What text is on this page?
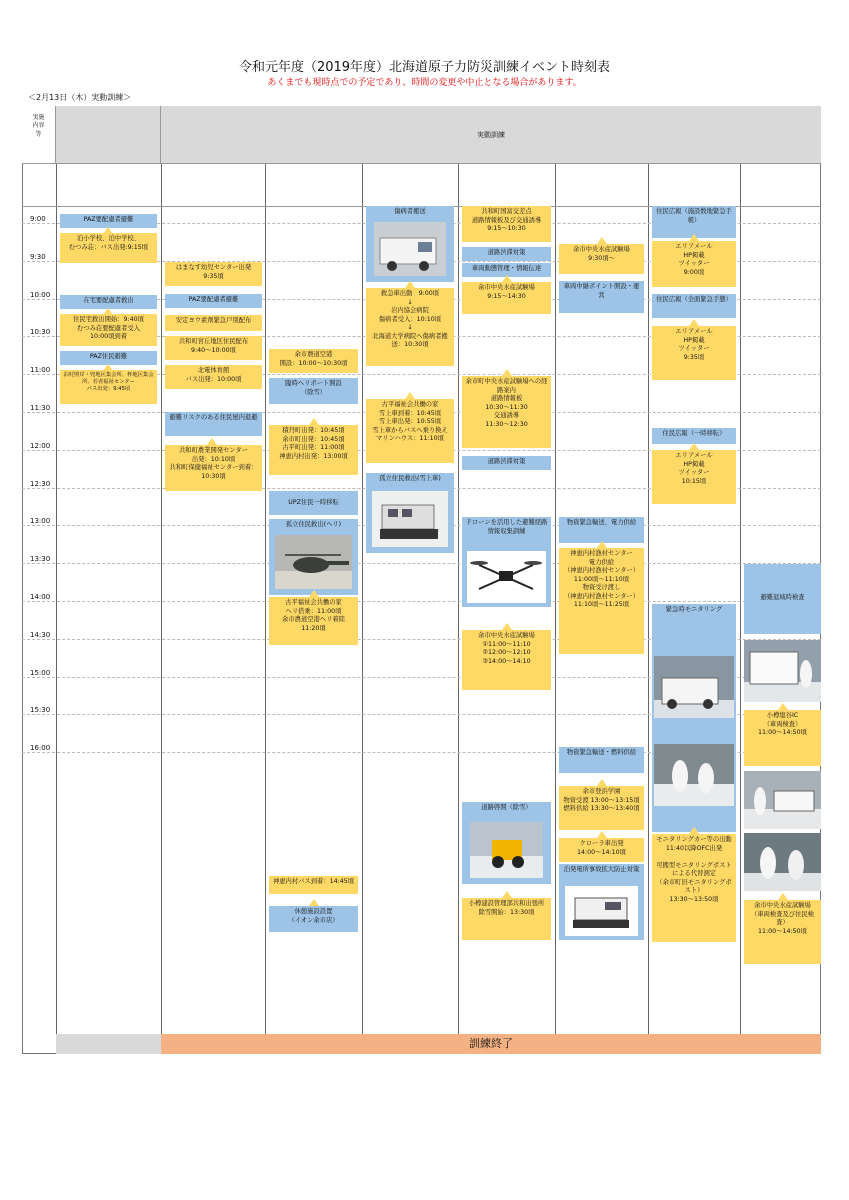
令和元年度（2019年度）北海道原子力防災訓練イベント時刻表
あくまでも現時点での予定であり、時間の変更や中止となる場合があります。
＜2月13日（木）実動訓練＞
実施
内容
等	実動訓練
9:00
9:30
10:00
10:30
11:00
11:30
12:00
12:30
13:00
13:30
14:00
14:30
15:00
15:30
16:00
訓練終了
PAZ要配慮者避難
泊小学校、泊中学校、
むつみ荘：バス出発:9:15頃
在宅要配慮者救出
住民宅救出開始：9:40頃
むつみ荘要配慮者受入
10:00頃到着
PAZ住民避難
泊村照岸・兜地区集会所、杯地区集会所、若者福祉センター
バス出発：9:45頃
はまなす幼児センター出発
9:35頃
PAZ要配慮者避難
安定ヨウ素剤緊急戸別配布
共和町宮丘地区住民配布
9:40～10:00頃
北電体育館
バス出発：10:00頃
避難リスクのある住民屋内退避
共和町農業開発センター
出発：10:10頃
共和町保健福祉センター到着：10:30頃
余市農道空港
開設：10:00～10:30頃
臨時ヘリポート開設
（除雪）
積丹町出発：10:45頃
余市町出発：10:45頃
古平町出発：11:00頃
神恵内村出発：13:00頃
UPZ住民一時移転
孤立住民救出(ヘリ)
古平福祉会共働の家
ヘリ搭乗：11:00頃
余市農道空港ヘリ着陸
11:20頃
神恵内村バス到着：14:45頃
休憩施設設置
（イオン余市店）
傷病者搬送
救急車出動　9:00頃
↓
岩内協会病院
傷病者受入：10:10頃
↓
北海道大学病院へ傷病者搬送：10:30頃
古平福祉会共働の家
雪上車到着：10:45頃
雪上車出発：10:55頃
雪上車からバスへ乗り換え
マリンハウス：11:10頃
孤立住民救出(雪上車)
共和町国富交差点
道路情報板及び交通誘導 9:15～10:30
道路渋滞対策
車両動態管理・情報伝達
余市中央水産試験場
9:15～14:30
余市町中央水産試験場への経路案内
道路情報板
10:30～11:30
交通誘導
11:30～12:30
道路渋滞対策
ドローンを活用した避難経路情報収集訓練
余市中央水産試験場
①11:00～11:10
②12:00～12:10
③14:00～14:10
道路啓開（除雪）
小樽建設管理部共和出張所
除雪開始：13:30頃
余市中央水産試験場
9:30頃～
車両中継ポイント開設・運営
物資緊急輸送、電力供給
神恵内村漁村センター
電力供給
（神恵内村漁村センター）
11:00頃～11:10頃
物資受け渡し
（神恵内村漁村センター）
11:10頃～11:25頃
物資緊急輸送・燃料供給
余市登浜学園
物資受渡 13:00～13:15頃
燃料供給 13:30～13:40頃
クローラ車出発
14:00～14:10頃
泊発電所事故拡大防止対策
住民広報（施設数地緊急手帳）
エリアメール
HP掲載
ツイッター
9:00頃
住民広報（全面緊急手態）
エリアメール
HP掲載
ツイッター
9:35頃
住民広報（一時移転）
エリアメール
HP掲載
ツイッター
10:15頃
緊急時モニタリング
モニタリングカー等の出動　11:40以降OFC出発

可搬型モニタリングポストによる代替測定
（余市町旧モニタリングポスト）
13:30～13:50頃
避難退域時検査
小樽塩谷IC
（車両検査）
11:00～14:50頃
余市中央水産試験場
（車両検査及び住民検査）
11:00～14:50頃
